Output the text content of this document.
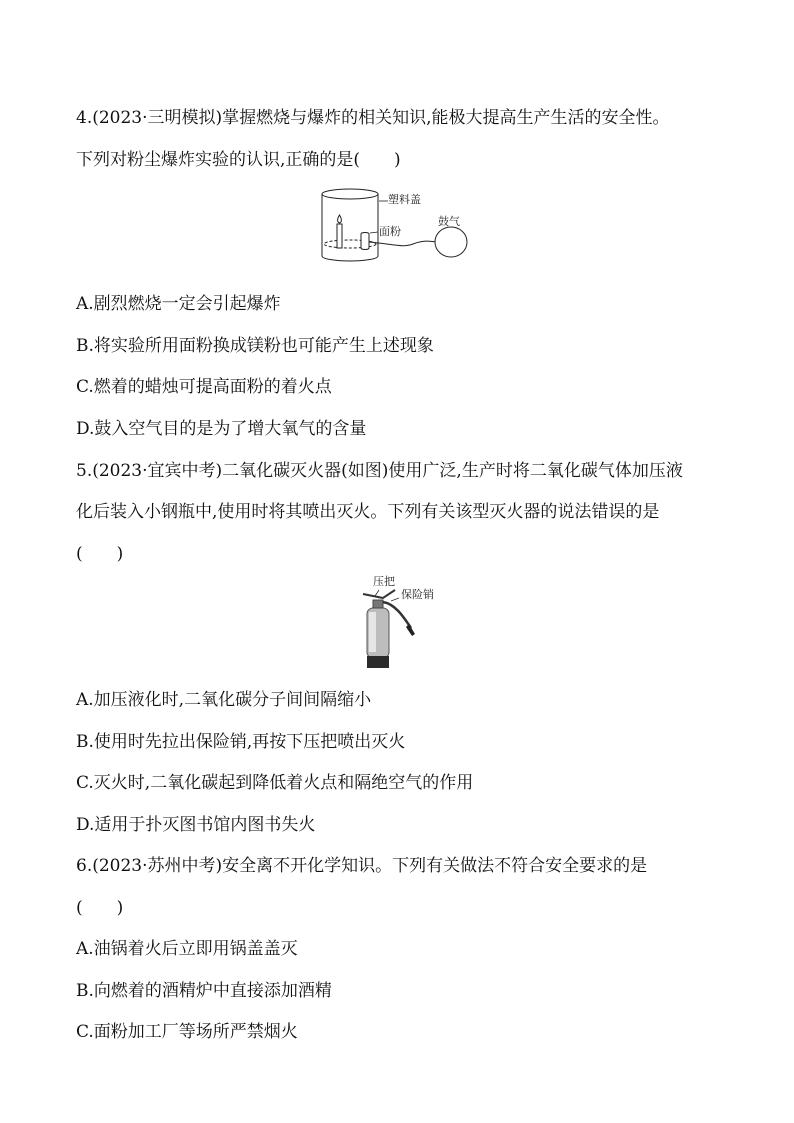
4.(2023·三明模拟)掌握燃烧与爆炸的相关知识,能极大提高生产生活的安全性。
下列对粉尘爆炸实验的认识,正确的是(　　)
塑料盖
鼓气
面粉
A.剧烈燃烧一定会引起爆炸
B.将实验所用面粉换成镁粉也可能产生上述现象
C.燃着的蜡烛可提高面粉的着火点
D.鼓入空气目的是为了增大氧气的含量
5.(2023·宜宾中考)二氧化碳灭火器(如图)使用广泛,生产时将二氧化碳气体加压液
化后装入小钢瓶中,使用时将其喷出灭火。下列有关该型灭火器的说法错误的是
(　　)
压把
保险销
A.加压液化时,二氧化碳分子间间隔缩小
B.使用时先拉出保险销,再按下压把喷出灭火
C.灭火时,二氧化碳起到降低着火点和隔绝空气的作用
D.适用于扑灭图书馆内图书失火
6.(2023·苏州中考)安全离不开化学知识。下列有关做法不符合安全要求的是
(　　)
A.油锅着火后立即用锅盖盖灭
B.向燃着的酒精炉中直接添加酒精
C.面粉加工厂等场所严禁烟火
